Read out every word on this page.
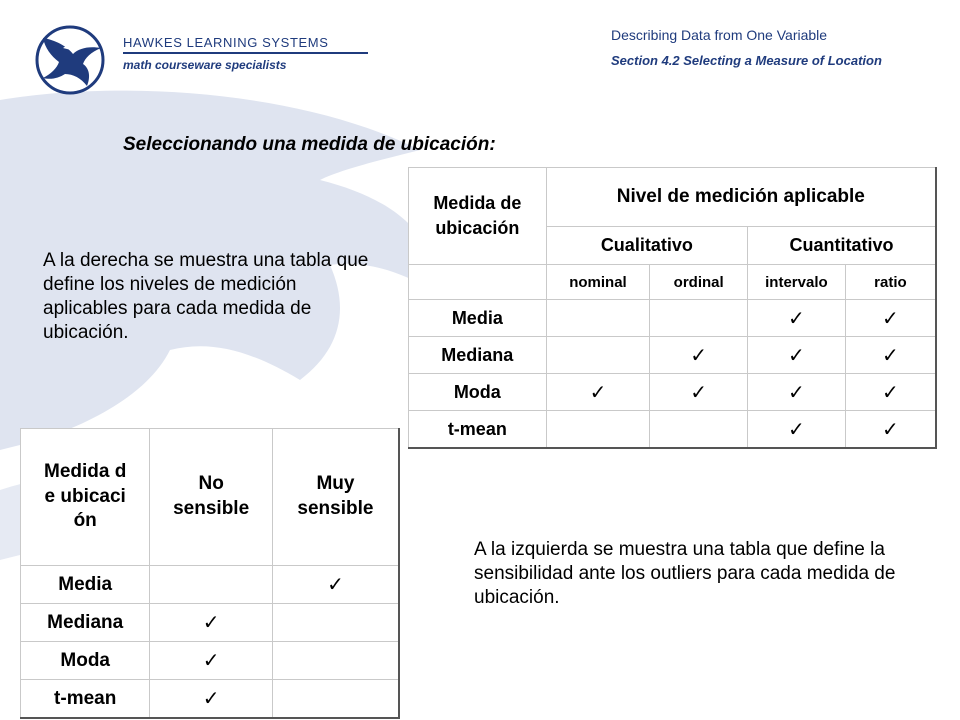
HAWKES LEARNING SYSTEMS
math courseware specialists
Describing Data from One Variable
Section 4.2 Selecting a Measure of Location
Seleccionando una medida de ubicación:
A la derecha se muestra una tabla que define los niveles de medición aplicables para cada medida de ubicación.
Medida de ubicación	Nivel de medición aplicable			
	Cualitativo		Cuantitativo	
	nominal	ordinal	intervalo	ratio
Media			✓	✓
Mediana		✓	✓	✓
Moda	✓	✓	✓	✓
t-mean			✓	✓
Medida de ubicación	No sensible	Muy sensible

Media		✓
Mediana	✓	
Moda	✓	
t-mean	✓	
A la izquierda se muestra una tabla que define la sensibilidad ante los outliers para cada medida de ubicación.
